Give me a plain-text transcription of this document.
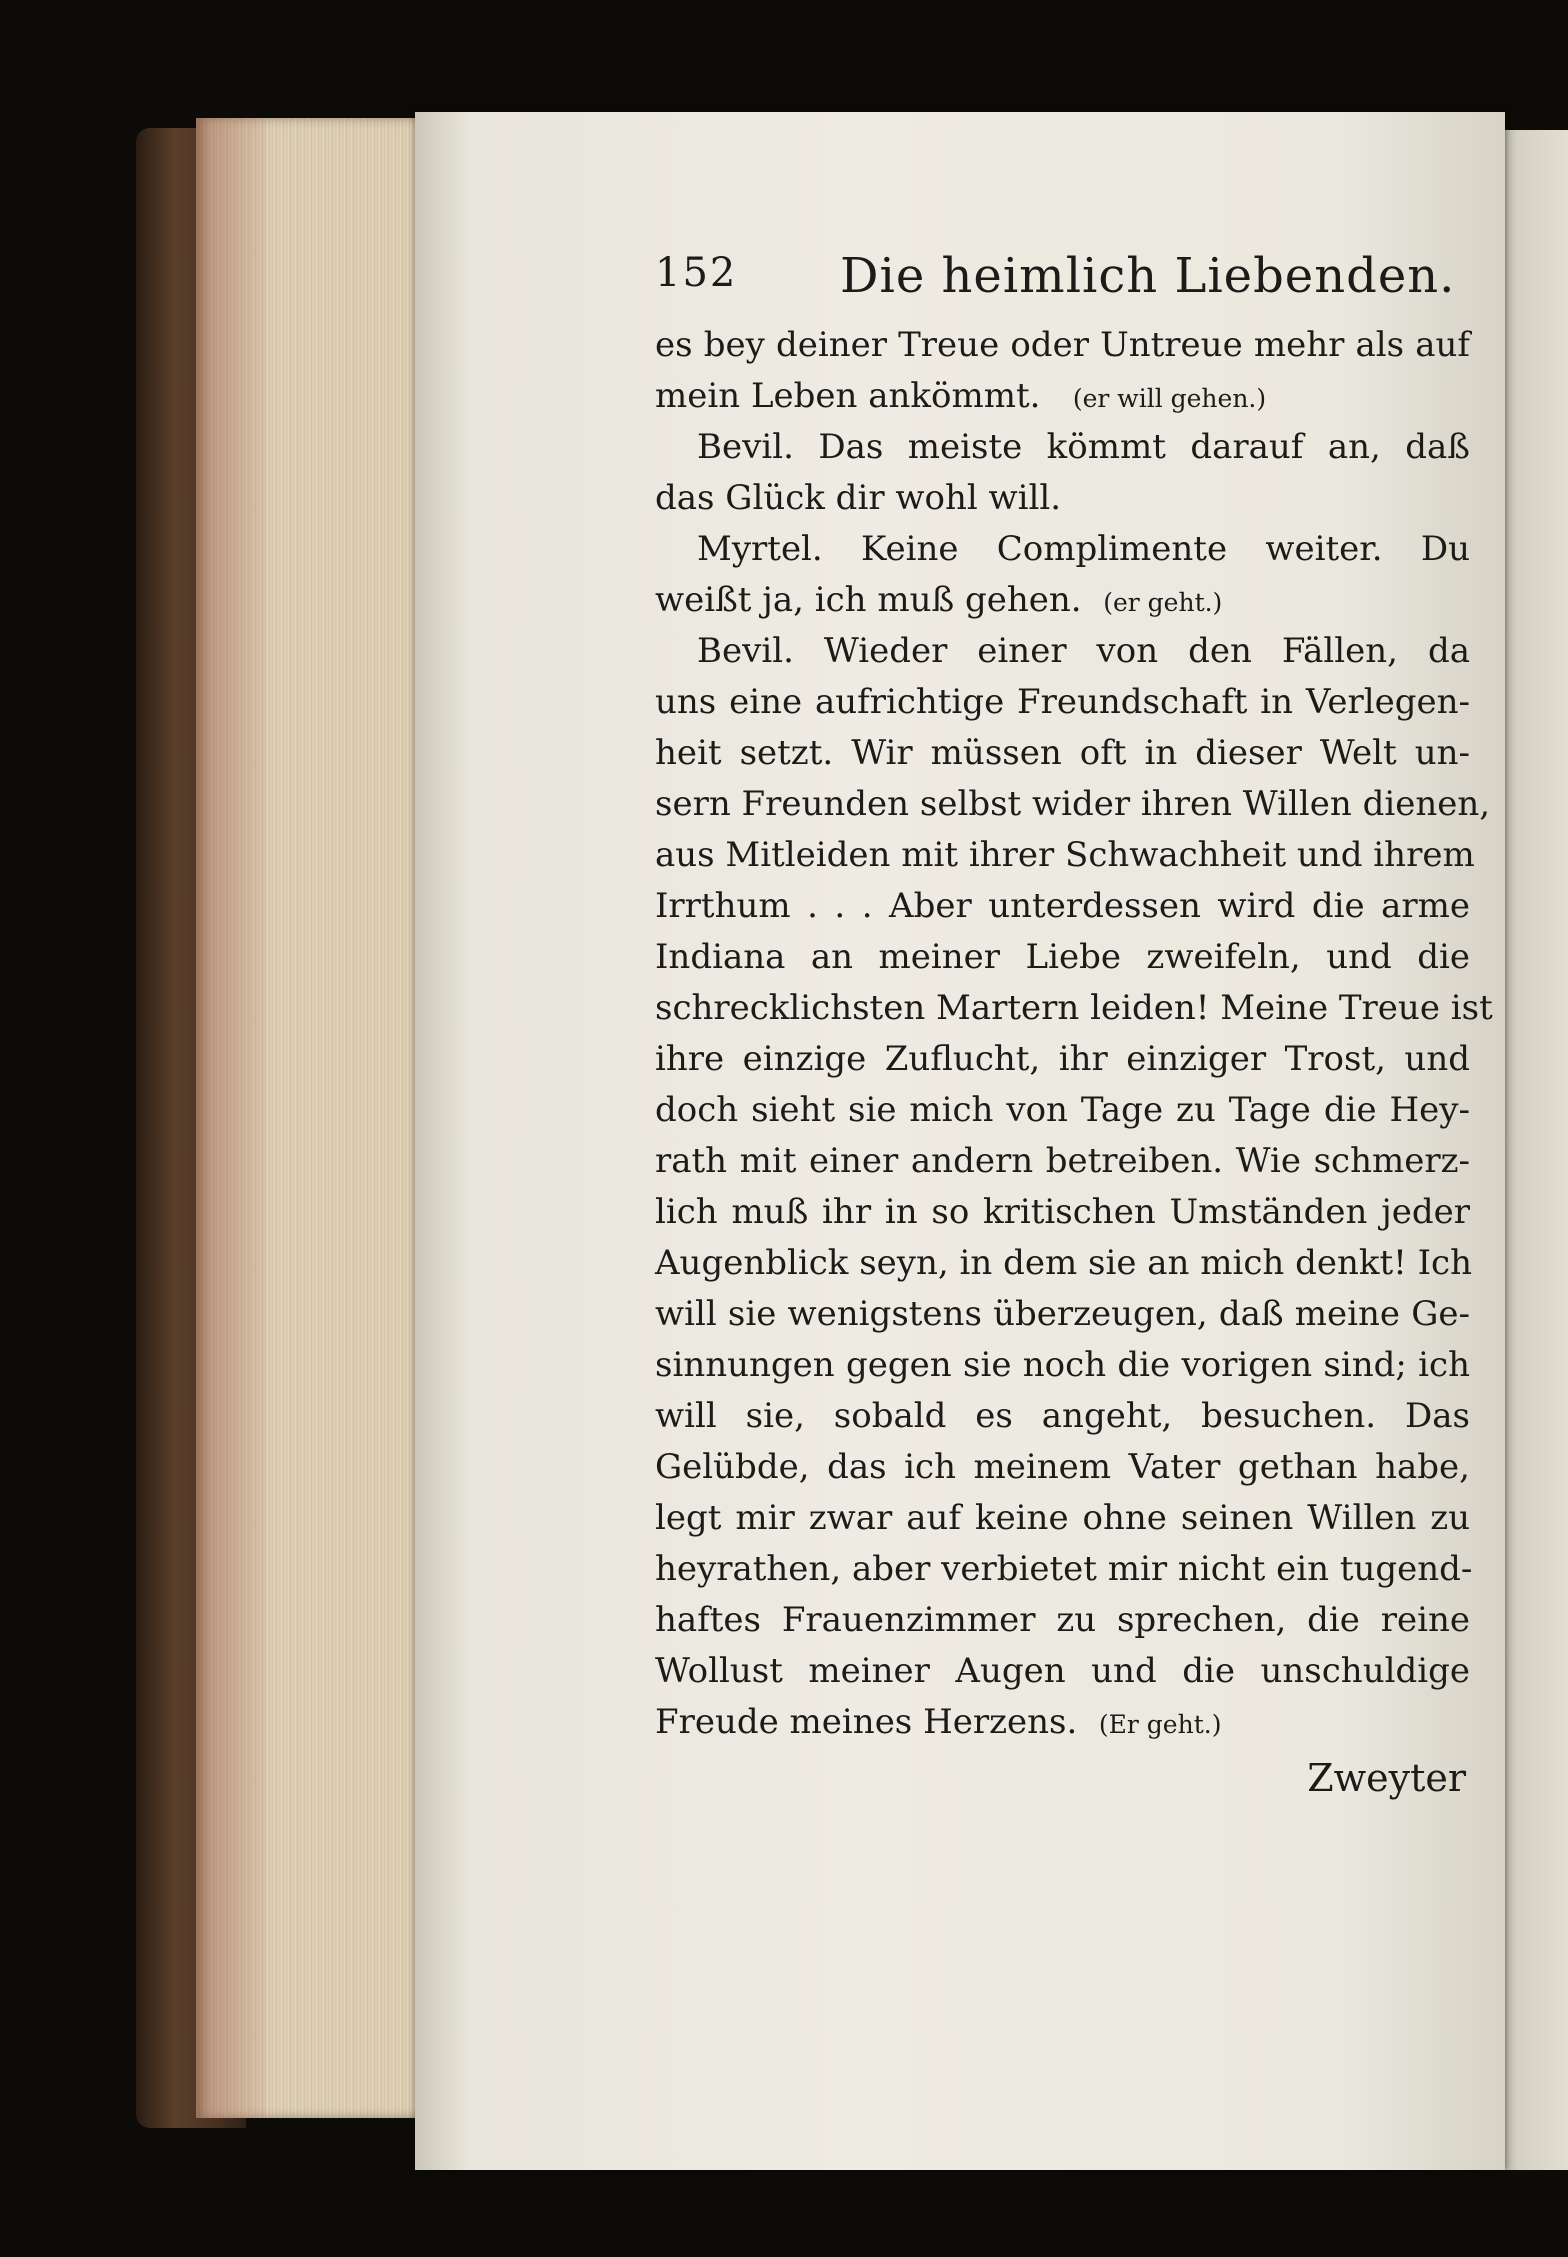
152 Die heimlich Liebenden.
es bey deiner Treue oder Untreue mehr als auf
mein Leben ankömmt. (er will gehen.)
Bevil. Das meiste kömmt darauf an, daß
das Glück dir wohl will.
Myrtel. Keine Complimente weiter. Du
weißt ja, ich muß gehen. (er geht.)
Bevil. Wieder einer von den Fällen, da
uns eine aufrichtige Freundschaft in Verlegen-
heit setzt. Wir müssen oft in dieser Welt un-
sern Freunden selbst wider ihren Willen dienen,
aus Mitleiden mit ihrer Schwachheit und ihrem
Irrthum . . . Aber unterdessen wird die arme
Indiana an meiner Liebe zweifeln, und die
schrecklichsten Martern leiden! Meine Treue ist
ihre einzige Zuflucht, ihr einziger Trost, und
doch sieht sie mich von Tage zu Tage die Hey-
rath mit einer andern betreiben. Wie schmerz-
lich muß ihr in so kritischen Umständen jeder
Augenblick seyn, in dem sie an mich denkt! Ich
will sie wenigstens überzeugen, daß meine Ge-
sinnungen gegen sie noch die vorigen sind; ich
will sie, sobald es angeht, besuchen. Das
Gelübde, das ich meinem Vater gethan habe,
legt mir zwar auf keine ohne seinen Willen zu
heyrathen, aber verbietet mir nicht ein tugend-
haftes Frauenzimmer zu sprechen, die reine
Wollust meiner Augen und die unschuldige
Freude meines Herzens. (Er geht.)
Zweyter
